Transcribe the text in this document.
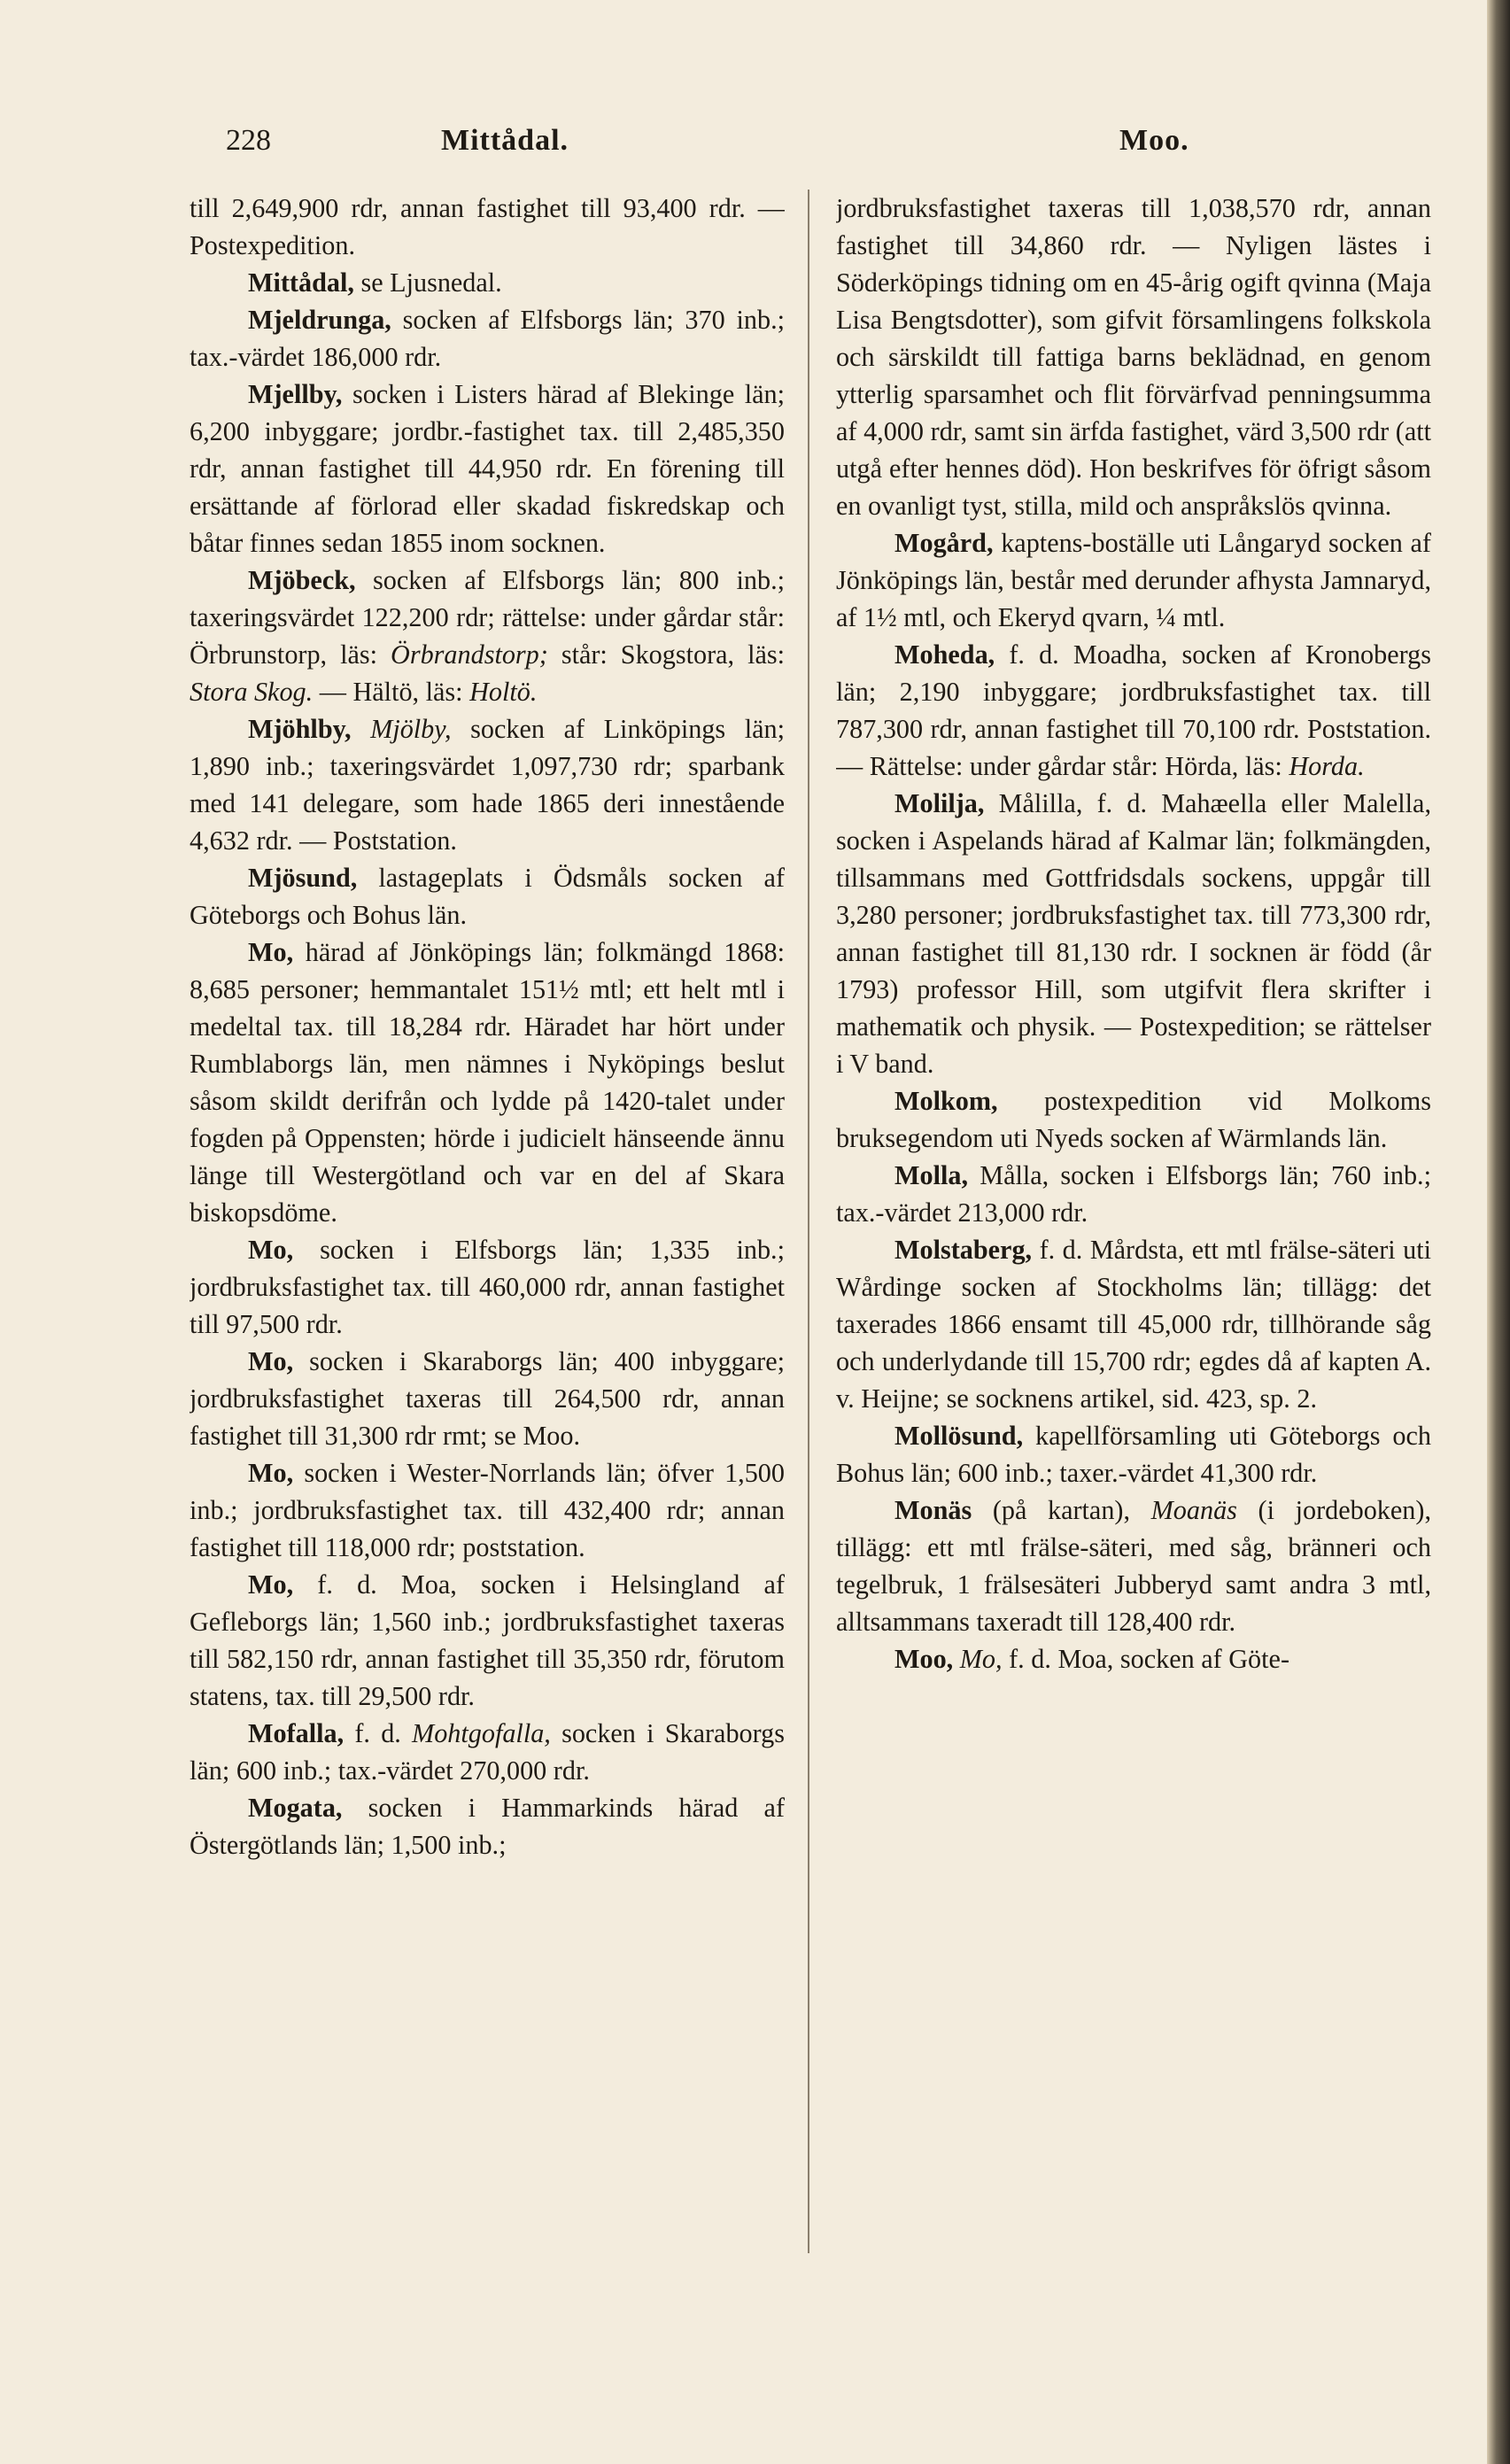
228	Mittådal.	Moo.

till 2,649,900 rdr, annan fastighet till 93,400 rdr. — Postexpedition.

Mittådal, se Ljusnedal.

Mjeldrunga, socken af Elfsborgs län; 370 inb.; tax.-värdet 186,000 rdr.

Mjellby, socken i Listers härad af Blekinge län; 6,200 inbyggare; jordbr.-fastighet tax. till 2,485,350 rdr, annan fastighet till 44,950 rdr. En förening till ersättande af förlorad eller skadad fiskredskap och båtar finnes sedan 1855 inom socknen.

Mjöbeck, socken af Elfsborgs län; 800 inb.; taxeringsvärdet 122,200 rdr; rättelse: under gårdar står: Örbrunstorp, läs: Örbrandstorp; står: Skogstora, läs: Stora Skog. — Hältö, läs: Holtö.

Mjöhlby, Mjölby, socken af Linköpings län; 1,890 inb.; taxeringsvärdet 1,097,730 rdr; sparbank med 141 delegare, som hade 1865 deri innestående 4,632 rdr. — Poststation.

Mjösund, lastageplats i Ödsmåls socken af Göteborgs och Bohus län.

Mo, härad af Jönköpings län; folkmängd 1868: 8,685 personer; hemmantalet 151½ mtl; ett helt mtl i medeltal tax. till 18,284 rdr. Häradet har hört under Rumblaborgs län, men nämnes i Nyköpings beslut såsom skildt derifrån och lydde på 1420-talet under fogden på Oppensten; hörde i judicielt hänseende ännu länge till Westergötland och var en del af Skara biskopsdöme.

Mo, socken i Elfsborgs län; 1,335 inb.; jordbruksfastighet tax. till 460,000 rdr, annan fastighet till 97,500 rdr.

Mo, socken i Skaraborgs län; 400 inbyggare; jordbruksfastighet taxeras till 264,500 rdr, annan fastighet till 31,300 rdr rmt; se Moo.

Mo, socken i Wester-Norrlands län; öfver 1,500 inb.; jordbruksfastighet tax. till 432,400 rdr; annan fastighet till 118,000 rdr; poststation.

Mo, f. d. Moa, socken i Helsingland af Gefleborgs län; 1,560 inb.; jordbruksfastighet taxeras till 582,150 rdr, annan fastighet till 35,350 rdr, förutom statens, tax. till 29,500 rdr.

Mofalla, f. d. Mohtgofalla, socken i Skaraborgs län; 600 inb.; tax.-värdet 270,000 rdr.

Mogata, socken i Hammarkinds härad af Östergötlands län; 1,500 inb.;

jordbruksfastighet taxeras till 1,038,570 rdr, annan fastighet till 34,860 rdr. — Nyligen lästes i Söderköpings tidning om en 45-årig ogift qvinna (Maja Lisa Bengtsdotter), som gifvit församlingens folkskola och särskildt till fattiga barns beklädnad, en genom ytterlig sparsamhet och flit förvärfvad penningsumma af 4,000 rdr, samt sin ärfda fastighet, värd 3,500 rdr (att utgå efter hennes död). Hon beskrifves för öfrigt såsom en ovanligt tyst, stilla, mild och anspråkslös qvinna.

Mogård, kaptens-boställe uti Långaryd socken af Jönköpings län, består med derunder afhysta Jamnaryd, af 1½ mtl, och Ekeryd qvarn, ¼ mtl.

Moheda, f. d. Moadha, socken af Kronobergs län; 2,190 inbyggare; jordbruksfastighet tax. till 787,300 rdr, annan fastighet till 70,100 rdr. Poststation. — Rättelse: under gårdar står: Hörda, läs: Horda.

Molilja, Målilla, f. d. Mahæella eller Malella, socken i Aspelands härad af Kalmar län; folkmängden, tillsammans med Gottfridsdals sockens, uppgår till 3,280 personer; jordbruksfastighet tax. till 773,300 rdr, annan fastighet till 81,130 rdr. I socknen är född (år 1793) professor Hill, som utgifvit flera skrifter i mathematik och physik. — Postexpedition; se rättelser i V band.

Molkom, postexpedition vid Molkoms bruksegendom uti Nyeds socken af Wärmlands län.

Molla, Målla, socken i Elfsborgs län; 760 inb.; tax.-värdet 213,000 rdr.

Molstaberg, f. d. Mårdsta, ett mtl frälse-säteri uti Wårdinge socken af Stockholms län; tillägg: det taxerades 1866 ensamt till 45,000 rdr, tillhörande såg och underlydande till 15,700 rdr; egdes då af kapten A. v. Heijne; se socknens artikel, sid. 423, sp. 2.

Mollösund, kapellförsamling uti Göteborgs och Bohus län; 600 inb.; taxer.-värdet 41,300 rdr.

Monäs (på kartan), Moanäs (i jordeboken), tillägg: ett mtl frälse-säteri, med såg, bränneri och tegelbruk, 1 frälsesäteri Jubberyd samt andra 3 mtl, alltsammans taxeradt till 128,400 rdr.

Moo, Mo, f. d. Moa, socken af Göte-
